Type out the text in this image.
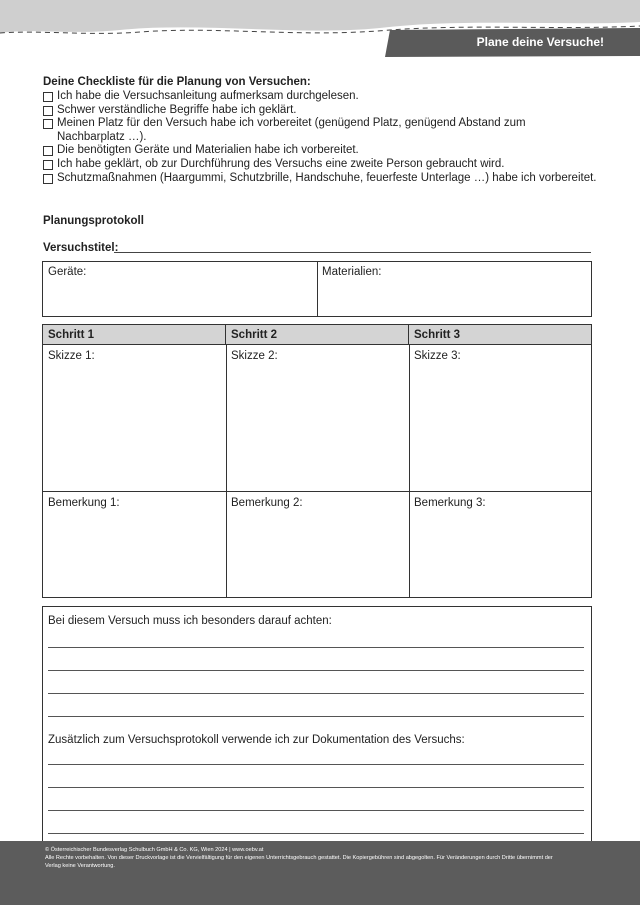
Plane deine Versuche!
Deine Checkliste für die Planung von Versuchen:
Ich habe die Versuchsanleitung aufmerksam durchgelesen.
Schwer verständliche Begriffe habe ich geklärt.
Meinen Platz für den Versuch habe ich vorbereitet (genügend Platz, genügend Abstand zum
Nachbarplatz …).
Die benötigten Geräte und Materialien habe ich vorbereitet.
Ich habe geklärt, ob zur Durchführung des Versuchs eine zweite Person gebraucht wird.
Schutzmaßnahmen (Haargummi, Schutzbrille, Handschuhe, feuerfeste Unterlage …) habe ich vorbereitet.
Planungsprotokoll
Versuchstitel:
Geräte:	Materialien:
Schritt 1	Schritt 2	Schritt 3
Skizze 1:	Skizze 2:	Skizze 3:
Bemerkung 1:	Bemerkung 2:	Bemerkung 3:
Bei diesem Versuch muss ich besonders darauf achten:
Zusätzlich zum Versuchsprotokoll verwende ich zur Dokumentation des Versuchs:
© Österreichischer Bundesverlag Schulbuch GmbH & Co. KG, Wien 2024 | www.oebv.at
Alle Rechte vorbehalten. Von dieser Druckvorlage ist die Vervielfältigung für den eigenen Unterrichtsgebrauch gestattet. Die Kopiergebühren sind abgegolten. Für Veränderungen durch Dritte übernimmt der
Verlag keine Verantwortung.
